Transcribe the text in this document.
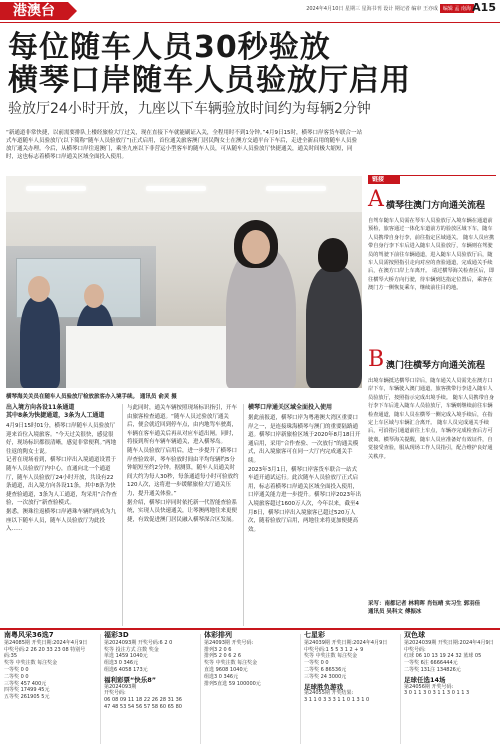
港澳台	2024年4月10日 星期三 星海书刊 设计 期记者 编审 王亦成 编辑 孟 南海 A15
每位随车人员30秒验放
横琴口岸随车人员验放厅启用
验放厅24小时开放，九座以下车辆验放时间约为每辆2分钟
“新通道非常快捷，以前需要排队上楼经旅检大厅过关，现在直接下车就能刷证入关，全程用时不到1分钟。”4月9日15时，横琴口岸客货车联合一站式车道随车人员验放厅(以下简称“随车人员验放厅”)正式启用，首位通关旅客澳门居民陶女士在澳方交通平台下车后，走进全新启用的随车人员验放厅通关办理。今后，从横琴口岸往返澳门，乘坐九座以下非营运小型客车的随车人员，可从随车人员验放厅快捷通关，通关时间极大缩短，同时，这也标志着横琴口岸通关区域全面投入使用。
横琴海关关员在随车人员验放厅检放旅客办入境手续。 通讯员 俞灵 摄
出入境方向各设11条通道
其中8条为快捷通道，3条为人工通道
4月9日15时01分，横琴口岸随车人员验放厅迎来首位入境旅客。“今天过关很快，感觉很好，现场标识都很清晰，感觉非常便利。”两地往返的陶女士说。
记者在现场看到，横琴口岸出入境通道设置于随车人员验放厅内中心，直通向北一个通道厅，随车人员验放厅24小时开放，共设有22条通道，出入境方向各设11条，其中8条为快捷查验通道，3条为人工通道，均采用“合作查验，一次放行”新查验模式。
据悉，澳珠往返横琴口岸港珠车辆约两成为九座以下随车人员，随车人员验放厅为此投入……
与此同时，通关车辆按照现场标识指引，开车由旅客检查通道。“随车人员过验放厅通关后，便会就近回到停车点，由内地驾车驶离，车辆在客车通关后再从对应车道出闸。同时，将接到所有车辆车辆通关，进入横琴岛。
随车人员验放厅启用后，进一步提升了横琴口岸查验效率，琴车验放时间由平均每辆约5分钟缩短至约2分钟。据测算，随车人员通关时间大约为每人30秒，每条通道每小时可验放约120人次，这将进一步缓解旅检大厅通关压力，提升通关体验。”
据介绍，横琴口岸同时依托新一代智能查验系统，实现人员快速通关，让琴澳两地往来更便捷，有效促进澳门居民融入横琴深合区发展。
横琴口岸通关区域全面投入使用
据此前报道，横琴口岸为粤港澳大湾区重要口岸之一，是连接珠海横琴与澳门的重要陆路通道。横琴口岸新旅检区域于2020年8月18日开通启用，采用“合作查验、一次放行”的通关模式，出入境旅客可在同一大厅内完成通关手续。
2023年3月1日，横琴口岸客货车联合一站式车道开通试运行。此次随车人员验放厅正式启用，标志着横琴口岸通关区域全面投入使用，口岸通关能力进一步提升。横琴口岸2023年出入境旅客超过1600万人次，今年以来，截至4月8日，横琴口岸出入境旅客已超过520万人次，随着验放厅启用，两地往来将更加便捷高效。
链接
A 横琴往澳门方向通关流程
自驾车随车人员需在琴车人员验放厅入境车辆在通道前预检，旅客通过一体化车道前方的验放区域下车，随车人员携带自身行李，前往指定区域通关。 随车人员应携带自身行李下车后进入随车人员验放厅，车辆则在驾驶员的驾驶下前往车辆通道，进入随车人员验放厅后，随车人员需按照指引走向对应的查验通道，完成通关手续后，在澳方口岸上车离开。 请过横琴海关检查区后，即往横琴大桥方向行驶，待车辆到达指定位置后，乘客在澳门方一侧恢复乘车，继续前往目的地。
B 澳门往横琴方向通关流程
出境车辆抵达横琴口岸后，随车通关人员需先在澳方口岸下车，车辆驶入澳门通道，旅客携带行李进入随车人员验放厅，按照指示完成出境手续。 随车人员携带自身行李下车后进入随车人员验放厅，车辆则继续前往车辆检查通道，随车人员在横琴一侧完成入境手续后，在指定上车区域与车辆汇合离开。 随车人员完成通关手续后，可沿指引通道前往上车点，车辆亦完成检查后方可驶离。横琴海关提醒，随车人员应准备好有效证件，自觉接受查验，服从现场工作人员指引，配合维护良好通关秩序。
采写：南都记者 林莉晖 肖钰晴 实习生 郭羽佳
通讯员 吴科文 傅振冰
南粤风采36选7
第24085期 开奖日期:2024年4月9日
中奖号码:2 26 20 33 23 08 特别号码:35
奖等 中奖注数 每注奖金
一等奖 0 0
二等奖 0 0
三等奖 457 400元
四等奖 17499 45元
五等奖 261905 5元
福彩3D
第2024093期 开奖号码:6 2 0
奖等 投注方式 注数 奖金
单选 1459 1040元
组选3 0 346元
组选6 4058 173元
福利彩票“快乐8”
第2024093期
开奖号码:
06 08 09 11 18 22 26 28 31 36
47 48 53 54 56 57 58 60 65 80
体彩排列
第24093期 开奖号码:
排列3 2 0 6
排列5 2 0 6 2 6
奖等 中奖注数 每注奖金
直选 9608 1040元
组选3 0 346元
排列5直选 59 100000元
七星彩
第24039期 开奖日期:2024年4月9日
中奖号码:1 5 5 3 1 2 + 9
奖等 中奖注数 每注奖金
一等奖 0 0
二等奖 6 86536元
三等奖 24 3000元
足球胜负游戏
第24055期 开奖结果:
3 1 1 0 3 3 3 1 1 0 1 3 1 0
双色球
第2024039期 开奖日期:2024年4月9日
中奖号码:
红球 06 10 13 19 24 32 蓝球 05
一等奖 6注 6666444元
二等奖 131注 134826元
足球任选14场
第24056期 开奖号码:
3 0 1 1 3 0 3 1 1 3 0 1 1 3
